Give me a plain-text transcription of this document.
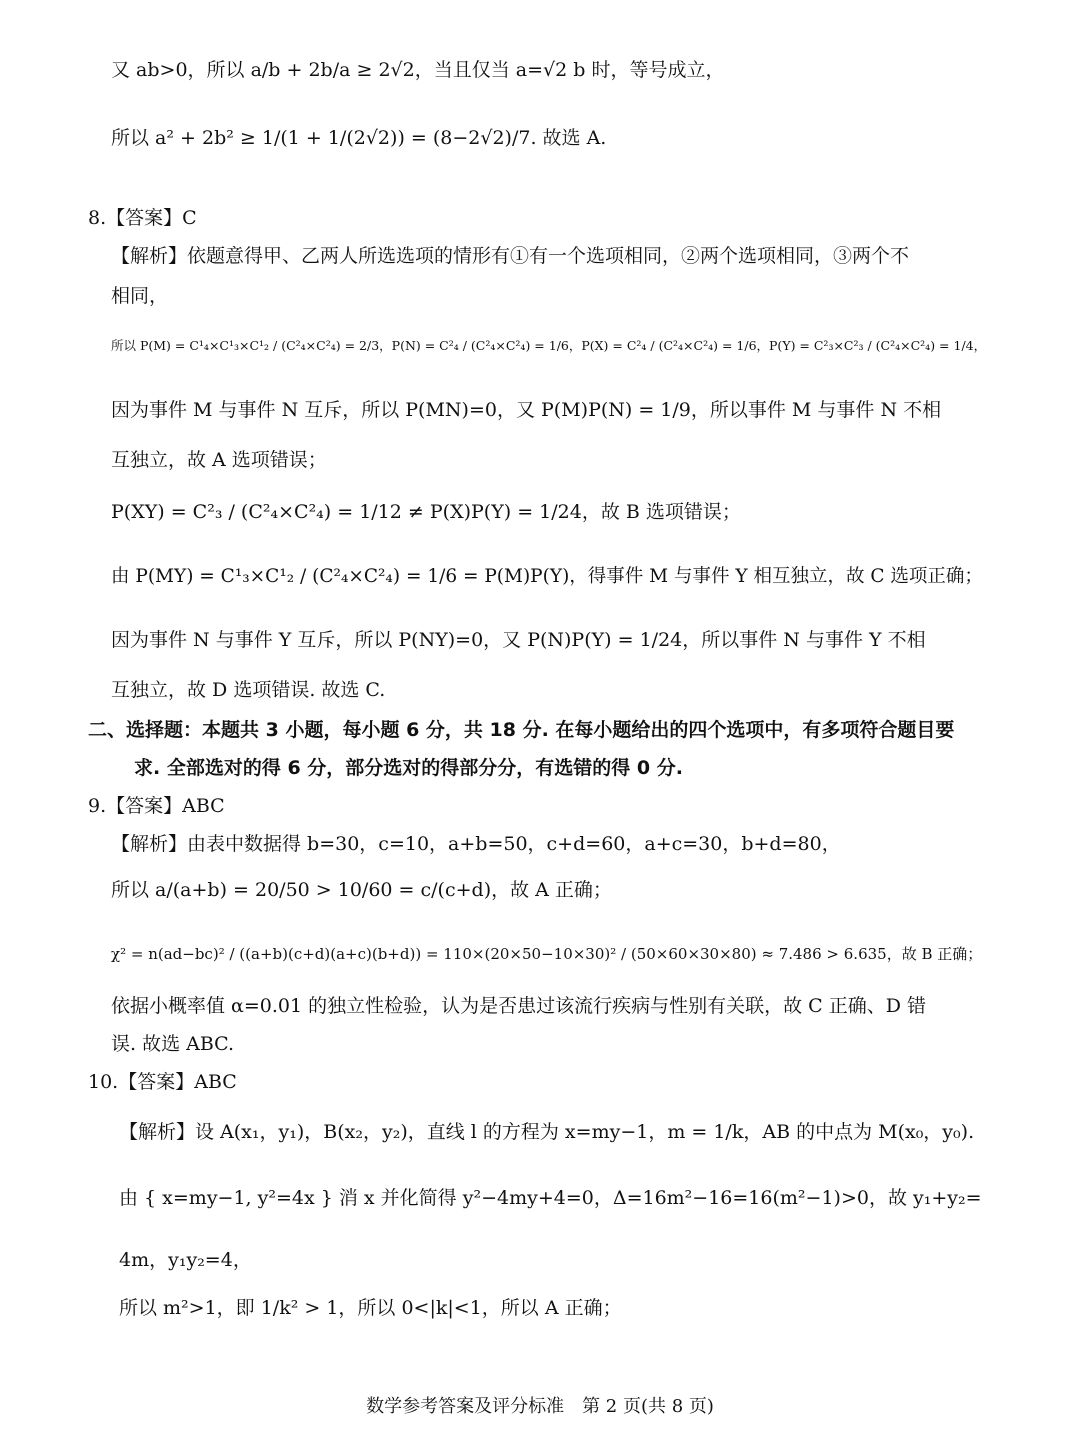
又 ab>0，所以 a/b + 2b/a ≥ 2√2，当且仅当 a=√2 b 时，等号成立，
所以 a² + 2b² ≥ 1/(1 + 1/(2√2)) = (8−2√2)/7. 故选 A.
8.【答案】C
【解析】依题意得甲、乙两人所选选项的情形有①有一个选项相同，②两个选项相同，③两个不
相同，
所以 P(M) = C¹₄×C¹₃×C¹₂ / (C²₄×C²₄) = 2/3，P(N) = C²₄ / (C²₄×C²₄) = 1/6，P(X) = C²₄ / (C²₄×C²₄) = 1/6，P(Y) = C²₃×C²₃ / (C²₄×C²₄) = 1/4，
因为事件 M 与事件 N 互斥，所以 P(MN)=0，又 P(M)P(N) = 1/9，所以事件 M 与事件 N 不相
互独立，故 A 选项错误；
P(XY) = C²₃ / (C²₄×C²₄) = 1/12 ≠ P(X)P(Y) = 1/24，故 B 选项错误；
由 P(MY) = C¹₃×C¹₂ / (C²₄×C²₄) = 1/6 = P(M)P(Y)，得事件 M 与事件 Y 相互独立，故 C 选项正确；
因为事件 N 与事件 Y 互斥，所以 P(NY)=0，又 P(N)P(Y) = 1/24，所以事件 N 与事件 Y 不相
互独立，故 D 选项错误. 故选 C.
二、选择题：本题共 3 小题，每小题 6 分，共 18 分. 在每小题给出的四个选项中，有多项符合题目要
求. 全部选对的得 6 分，部分选对的得部分分，有选错的得 0 分.
9.【答案】ABC
【解析】由表中数据得 b=30，c=10，a+b=50，c+d=60，a+c=30，b+d=80，
所以 a/(a+b) = 20/50 > 10/60 = c/(c+d)，故 A 正确；
χ² = n(ad−bc)² / ((a+b)(c+d)(a+c)(b+d)) = 110×(20×50−10×30)² / (50×60×30×80) ≈ 7.486 > 6.635，故 B 正确；
依据小概率值 α=0.01 的独立性检验，认为是否患过该流行疾病与性别有关联，故 C 正确、D 错
误. 故选 ABC.
10.【答案】ABC
【解析】设 A(x₁，y₁)，B(x₂，y₂)，直线 l 的方程为 x=my−1，m = 1/k，AB 的中点为 M(x₀，y₀).
由 { x=my−1, y²=4x } 消 x 并化简得 y²−4my+4=0，Δ=16m²−16=16(m²−1)>0，故 y₁+y₂=
4m，y₁y₂=4，
所以 m²>1，即 1/k² > 1，所以 0<|k|<1，所以 A 正确；
数学参考答案及评分标准　第 2 页(共 8 页)
